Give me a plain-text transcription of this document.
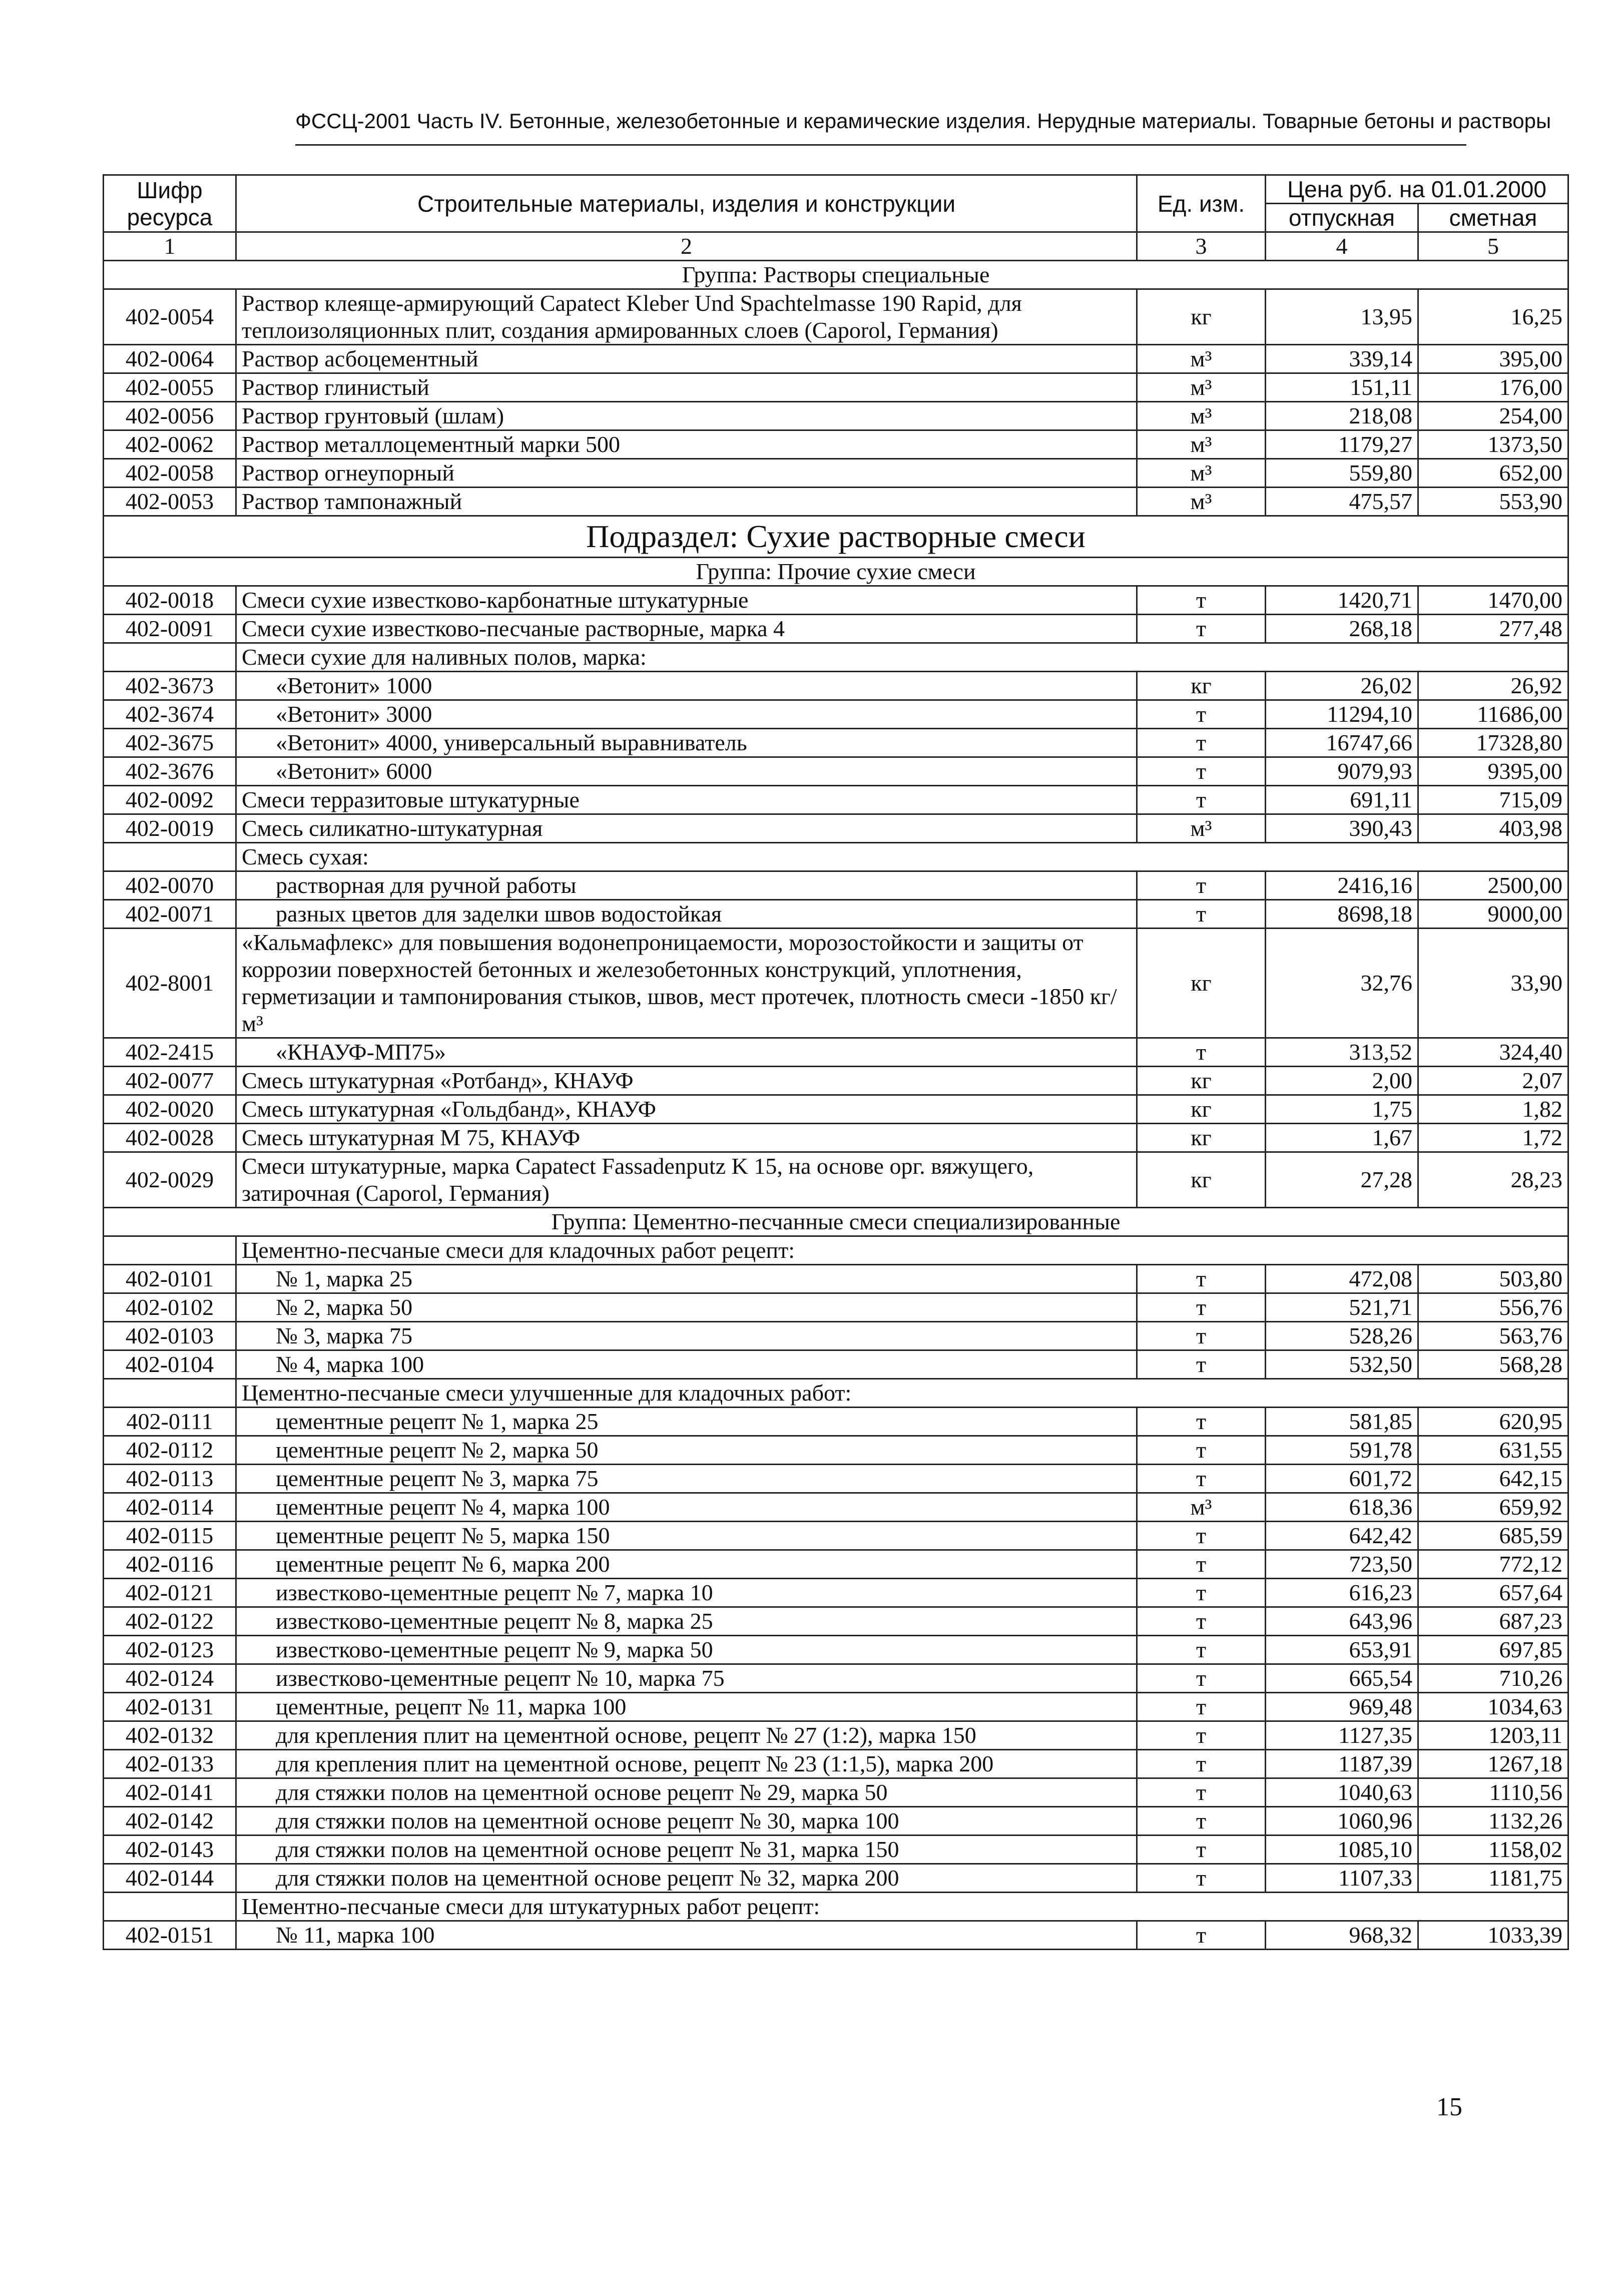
ФССЦ-2001 Часть IV. Бетонные, железобетонные и керамические изделия. Нерудные материалы. Товарные бетоны и растворы
Шифр ресурса	Строительные материалы, изделия и конструкции	Ед. изм.	Цена руб. на 01.01.2000	
			отпускная	сметная
1	2	3	4	5
Группа: Растворы специальные				
402-0054	Раствор клеяще-армирующий Capatect Kleber Und Spachtelmasse 190 Rapid, для теплоизоляционных плит, создания армированных слоев (Caporol, Германия)	кг	13,95	16,25
402-0064	Раствор асбоцементный	м³	339,14	395,00
402-0055	Раствор глинистый	м³	151,11	176,00
402-0056	Раствор грунтовый (шлам)	м³	218,08	254,00
402-0062	Раствор металлоцементный марки 500	м³	1179,27	1373,50
402-0058	Раствор огнеупорный	м³	559,80	652,00
402-0053	Раствор тампонажный	м³	475,57	553,90
Подраздел: Сухие растворные смеси				
Группа: Прочие сухие смеси				
402-0018	Смеси сухие известково-карбонатные штукатурные	т	1420,71	1470,00
402-0091	Смеси сухие известково-песчаные растворные, марка 4	т	268,18	277,48
	Смеси сухие для наливных полов, марка:			
402-3673	«Ветонит» 1000	кг	26,02	26,92
402-3674	«Ветонит» 3000	т	11294,10	11686,00
402-3675	«Ветонит» 4000, универсальный выравниватель	т	16747,66	17328,80
402-3676	«Ветонит» 6000	т	9079,93	9395,00
402-0092	Смеси терразитовые штукатурные	т	691,11	715,09
402-0019	Смесь силикатно-штукатурная	м³	390,43	403,98
	Смесь сухая:			
402-0070	растворная для ручной работы	т	2416,16	2500,00
402-0071	разных цветов для заделки швов водостойкая	т	8698,18	9000,00
402-8001	«Кальмафлекс» для повышения водонепроницаемости, морозостойкости и защиты от коррозии поверхностей бетонных и железобетонных конструкций, уплотнения, герметизации и тампонирования стыков, швов, мест протечек, плотность смеси -1850 кг/м³	кг	32,76	33,90
402-2415	«КНАУФ-МП75»	т	313,52	324,40
402-0077	Смесь штукатурная «Ротбанд», КНАУФ	кг	2,00	2,07
402-0020	Смесь штукатурная «Гольдбанд», КНАУФ	кг	1,75	1,82
402-0028	Смесь штукатурная М 75, КНАУФ	кг	1,67	1,72
402-0029	Смеси штукатурные, марка Capatect Fassadenputz K 15, на основе орг. вяжущего, затирочная (Caporol, Германия)	кг	27,28	28,23
Группа: Цементно-песчанные смеси специализированные				
	Цементно-песчаные смеси для кладочных работ рецепт:			
402-0101	№ 1, марка 25	т	472,08	503,80
402-0102	№ 2, марка 50	т	521,71	556,76
402-0103	№ 3, марка 75	т	528,26	563,76
402-0104	№ 4, марка 100	т	532,50	568,28
	Цементно-песчаные смеси улучшенные для кладочных работ:			
402-0111	цементные рецепт № 1, марка 25	т	581,85	620,95
402-0112	цементные рецепт № 2, марка 50	т	591,78	631,55
402-0113	цементные рецепт № 3, марка 75	т	601,72	642,15
402-0114	цементные рецепт № 4, марка 100	м³	618,36	659,92
402-0115	цементные рецепт № 5, марка 150	т	642,42	685,59
402-0116	цементные рецепт № 6, марка 200	т	723,50	772,12
402-0121	известково-цементные рецепт № 7, марка 10	т	616,23	657,64
402-0122	известково-цементные рецепт № 8, марка 25	т	643,96	687,23
402-0123	известково-цементные рецепт № 9, марка 50	т	653,91	697,85
402-0124	известково-цементные рецепт № 10, марка 75	т	665,54	710,26
402-0131	цементные, рецепт № 11, марка 100	т	969,48	1034,63
402-0132	для крепления плит на цементной основе, рецепт № 27 (1:2), марка 150	т	1127,35	1203,11
402-0133	для крепления плит на цементной основе, рецепт № 23 (1:1,5), марка 200	т	1187,39	1267,18
402-0141	для стяжки полов на цементной основе рецепт № 29, марка 50	т	1040,63	1110,56
402-0142	для стяжки полов на цементной основе рецепт № 30, марка 100	т	1060,96	1132,26
402-0143	для стяжки полов на цементной основе рецепт № 31, марка 150	т	1085,10	1158,02
402-0144	для стяжки полов на цементной основе рецепт № 32, марка 200	т	1107,33	1181,75
	Цементно-песчаные смеси для штукатурных работ рецепт:			
402-0151	№ 11, марка 100	т	968,32	1033,39
15
